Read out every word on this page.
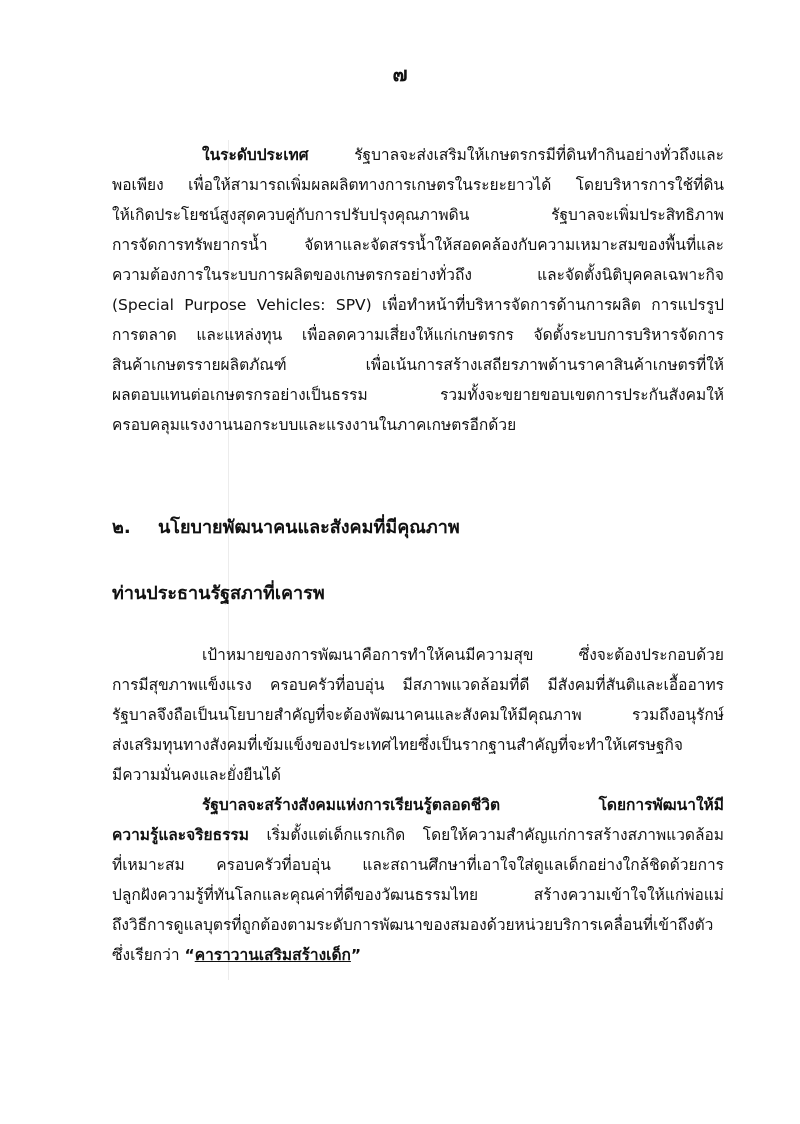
๗
ในระดับประเทศ รัฐบาลจะส่งเสริมให้เกษตรกรมีที่ดินทำกินอย่างทั่วถึงและ
พอเพียง เพื่อให้สามารถเพิ่มผลผลิตทางการเกษตรในระยะยาวได้ โดยบริหารการใช้ที่ดิน
ให้เกิดประโยชน์สูงสุดควบคู่กับการปรับปรุงคุณภาพดิน รัฐบาลจะเพิ่มประสิทธิภาพ
การจัดการทรัพยากรน้ำ จัดหาและจัดสรรน้ำให้สอดคล้องกับความเหมาะสมของพื้นที่และ
ความต้องการในระบบการผลิตของเกษตรกรอย่างทั่วถึง และจัดตั้งนิติบุคคลเฉพาะกิจ
(Special Purpose Vehicles: SPV) เพื่อทำหน้าที่บริหารจัดการด้านการผลิต การแปรรูป
การตลาด และแหล่งทุน เพื่อลดความเสี่ยงให้แก่เกษตรกร จัดตั้งระบบการบริหารจัดการ
สินค้าเกษตรรายผลิตภัณฑ์ เพื่อเน้นการสร้างเสถียรภาพด้านราคาสินค้าเกษตรที่ให้
ผลตอบแทนต่อเกษตรกรอย่างเป็นธรรม รวมทั้งจะขยายขอบเขตการประกันสังคมให้
ครอบคลุมแรงงานนอกระบบและแรงงานในภาคเกษตรอีกด้วย
๒. นโยบายพัฒนาคนและสังคมที่มีคุณภาพ
ท่านประธานรัฐสภาที่เคารพ
เป้าหมายของการพัฒนาคือการทำให้คนมีความสุข ซึ่งจะต้องประกอบด้วย
การมีสุขภาพแข็งแรง ครอบครัวที่อบอุ่น มีสภาพแวดล้อมที่ดี มีสังคมที่สันติและเอื้ออาทร
รัฐบาลจึงถือเป็นนโยบายสำคัญที่จะต้องพัฒนาคนและสังคมให้มีคุณภาพ รวมถึงอนุรักษ์
ส่งเสริมทุนทางสังคมที่เข้มแข็งของประเทศไทยซึ่งเป็นรากฐานสำคัญที่จะทำให้เศรษฐกิจ
มีความมั่นคงและยั่งยืนได้
รัฐบาลจะสร้างสังคมแห่งการเรียนรู้ตลอดชีวิต โดยการพัฒนาให้มี
ความรู้และจริยธรรม เริ่มตั้งแต่เด็กแรกเกิด โดยให้ความสำคัญแก่การสร้างสภาพแวดล้อม
ที่เหมาะสม ครอบครัวที่อบอุ่น และสถานศึกษาที่เอาใจใส่ดูแลเด็กอย่างใกล้ชิดด้วยการ
ปลูกฝังความรู้ที่ทันโลกและคุณค่าที่ดีของวัฒนธรรมไทย สร้างความเข้าใจให้แก่พ่อแม่
ถึงวิธีการดูแลบุตรที่ถูกต้องตามระดับการพัฒนาของสมองด้วยหน่วยบริการเคลื่อนที่เข้าถึงตัว
ซึ่งเรียกว่า “คาราวานเสริมสร้างเด็ก”
